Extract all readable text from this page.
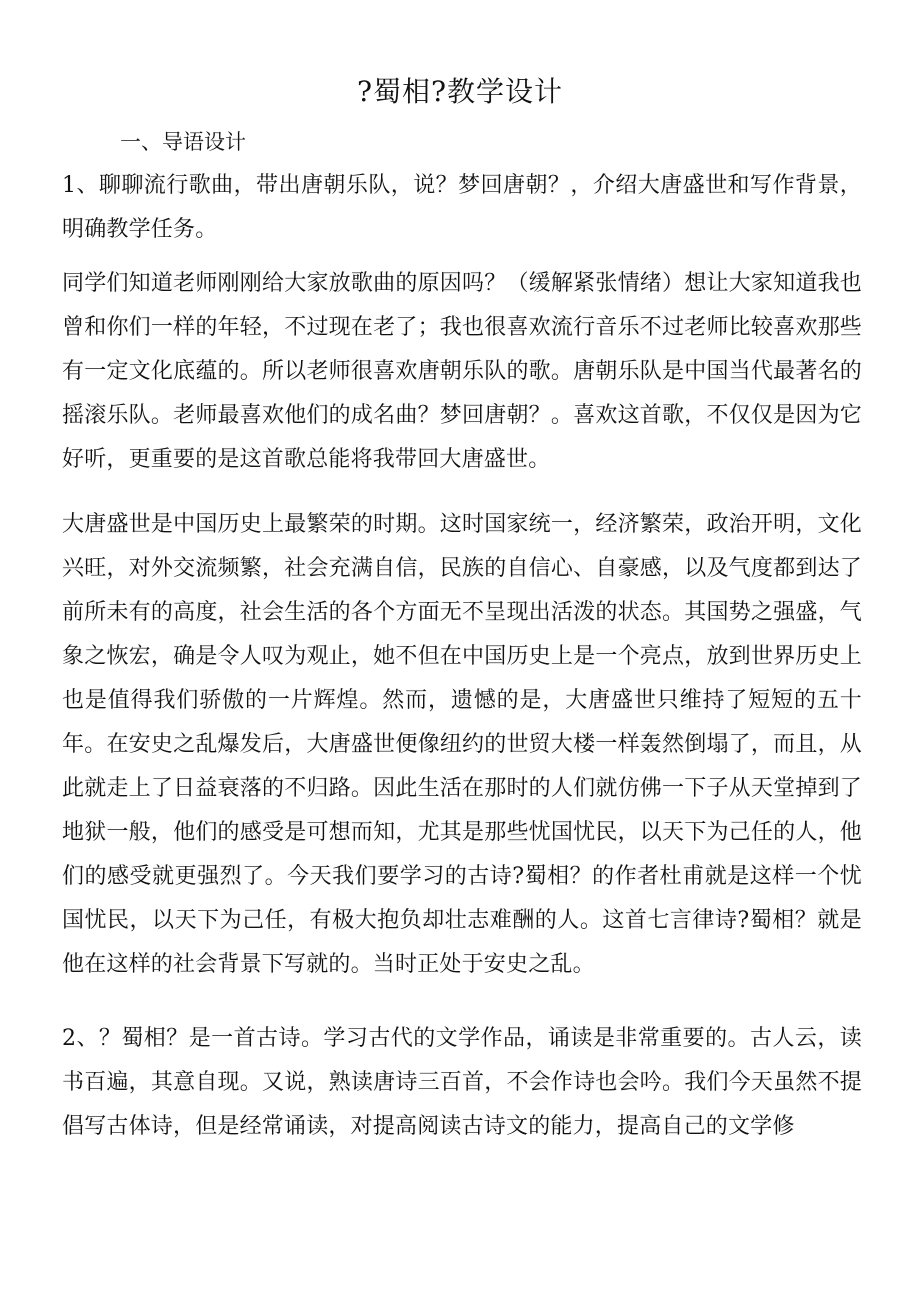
?蜀相?教学设计

一、导语设计

1、聊聊流行歌曲，带出唐朝乐队，说？梦回唐朝？，介绍大唐盛世和写作背景，明确教学任务。

同学们知道老师刚刚给大家放歌曲的原因吗？（缓解紧张情绪）想让大家知道我也曾和你们一样的年轻，不过现在老了；我也很喜欢流行音乐不过老师比较喜欢那些有一定文化底蕴的。所以老师很喜欢唐朝乐队的歌。唐朝乐队是中国当代最著名的摇滚乐队。老师最喜欢他们的成名曲？梦回唐朝？。喜欢这首歌，不仅仅是因为它好听，更重要的是这首歌总能将我带回大唐盛世。

大唐盛世是中国历史上最繁荣的时期。这时国家统一，经济繁荣，政治开明，文化兴旺，对外交流频繁，社会充满自信，民族的自信心、自豪感，以及气度都到达了前所未有的高度，社会生活的各个方面无不呈现出活泼的状态。其国势之强盛，气象之恢宏，确是令人叹为观止，她不但在中国历史上是一个亮点，放到世界历史上也是值得我们骄傲的一片辉煌。然而，遗憾的是，大唐盛世只维持了短短的五十年。在安史之乱爆发后，大唐盛世便像纽约的世贸大楼一样轰然倒塌了，而且，从此就走上了日益衰落的不归路。因此生活在那时的人们就仿佛一下子从天堂掉到了地狱一般，他们的感受是可想而知，尤其是那些忧国忧民，以天下为己任的人，他们的感受就更强烈了。今天我们要学习的古诗?蜀相？的作者杜甫就是这样一个忧国忧民，以天下为己任，有极大抱负却壮志难酬的人。这首七言律诗?蜀相？就是他在这样的社会背景下写就的。当时正处于安史之乱。

2、？蜀相？是一首古诗。学习古代的文学作品，诵读是非常重要的。古人云，读书百遍，其意自现。又说，熟读唐诗三百首，不会作诗也会吟。我们今天虽然不提倡写古体诗，但是经常诵读，对提高阅读古诗文的能力，提高自己的文学修
